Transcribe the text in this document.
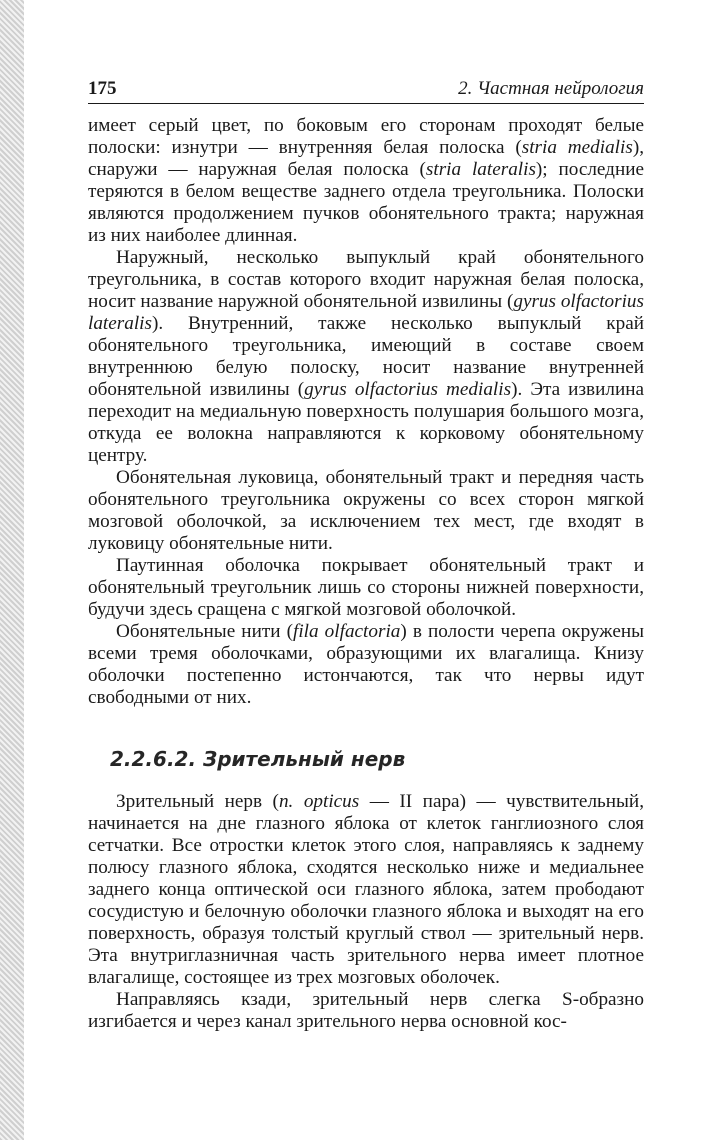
175	2. Частная нейрология

имеет серый цвет, по боковым его сторонам проходят белые полоски: изнутри — внутренняя белая полоска (stria medialis), снаружи — наружная белая полоска (stria lateralis); последние теряются в белом веществе заднего отдела треугольника. Полоски являются продолжением пучков обонятельного тракта; наружная из них наиболее длинная.

Наружный, несколько выпуклый край обонятельного треугольника, в состав которого входит наружная белая полоска, носит название наружной обонятельной извилины (gyrus olfactorius lateralis). Внутренний, также несколько выпуклый край обонятельного треугольника, имеющий в составе своем внутреннюю белую полоску, носит название внутренней обонятельной извилины (gyrus olfactorius medialis). Эта извилина переходит на медиальную поверхность полушария большого мозга, откуда ее волокна направляются к корковому обонятельному центру.

Обонятельная луковица, обонятельный тракт и передняя часть обонятельного треугольника окружены со всех сторон мягкой мозговой оболочкой, за исключением тех мест, где входят в луковицу обонятельные нити.

Паутинная оболочка покрывает обонятельный тракт и обонятельный треугольник лишь со стороны нижней поверхности, будучи здесь сращена с мягкой мозговой оболочкой.

Обонятельные нити (fila olfactoria) в полости черепа окружены всеми тремя оболочками, образующими их влагалища. Книзу оболочки постепенно истончаются, так что нервы идут свободными от них.

2.2.6.2. Зрительный нерв

Зрительный нерв (n. opticus — II пара) — чувствительный, начинается на дне глазного яблока от клеток ганглиозного слоя сетчатки. Все отростки клеток этого слоя, направляясь к заднему полюсу глазного яблока, сходятся несколько ниже и медиальнее заднего конца оптической оси глазного яблока, затем прободают сосудистую и белочную оболочки глазного яблока и выходят на его поверхность, образуя толстый круглый ствол — зрительный нерв. Эта внутриглазничная часть зрительного нерва имеет плотное влагалище, состоящее из трех мозговых оболочек.

Направляясь кзади, зрительный нерв слегка S-образно изгибается и через канал зрительного нерва основной кос-
